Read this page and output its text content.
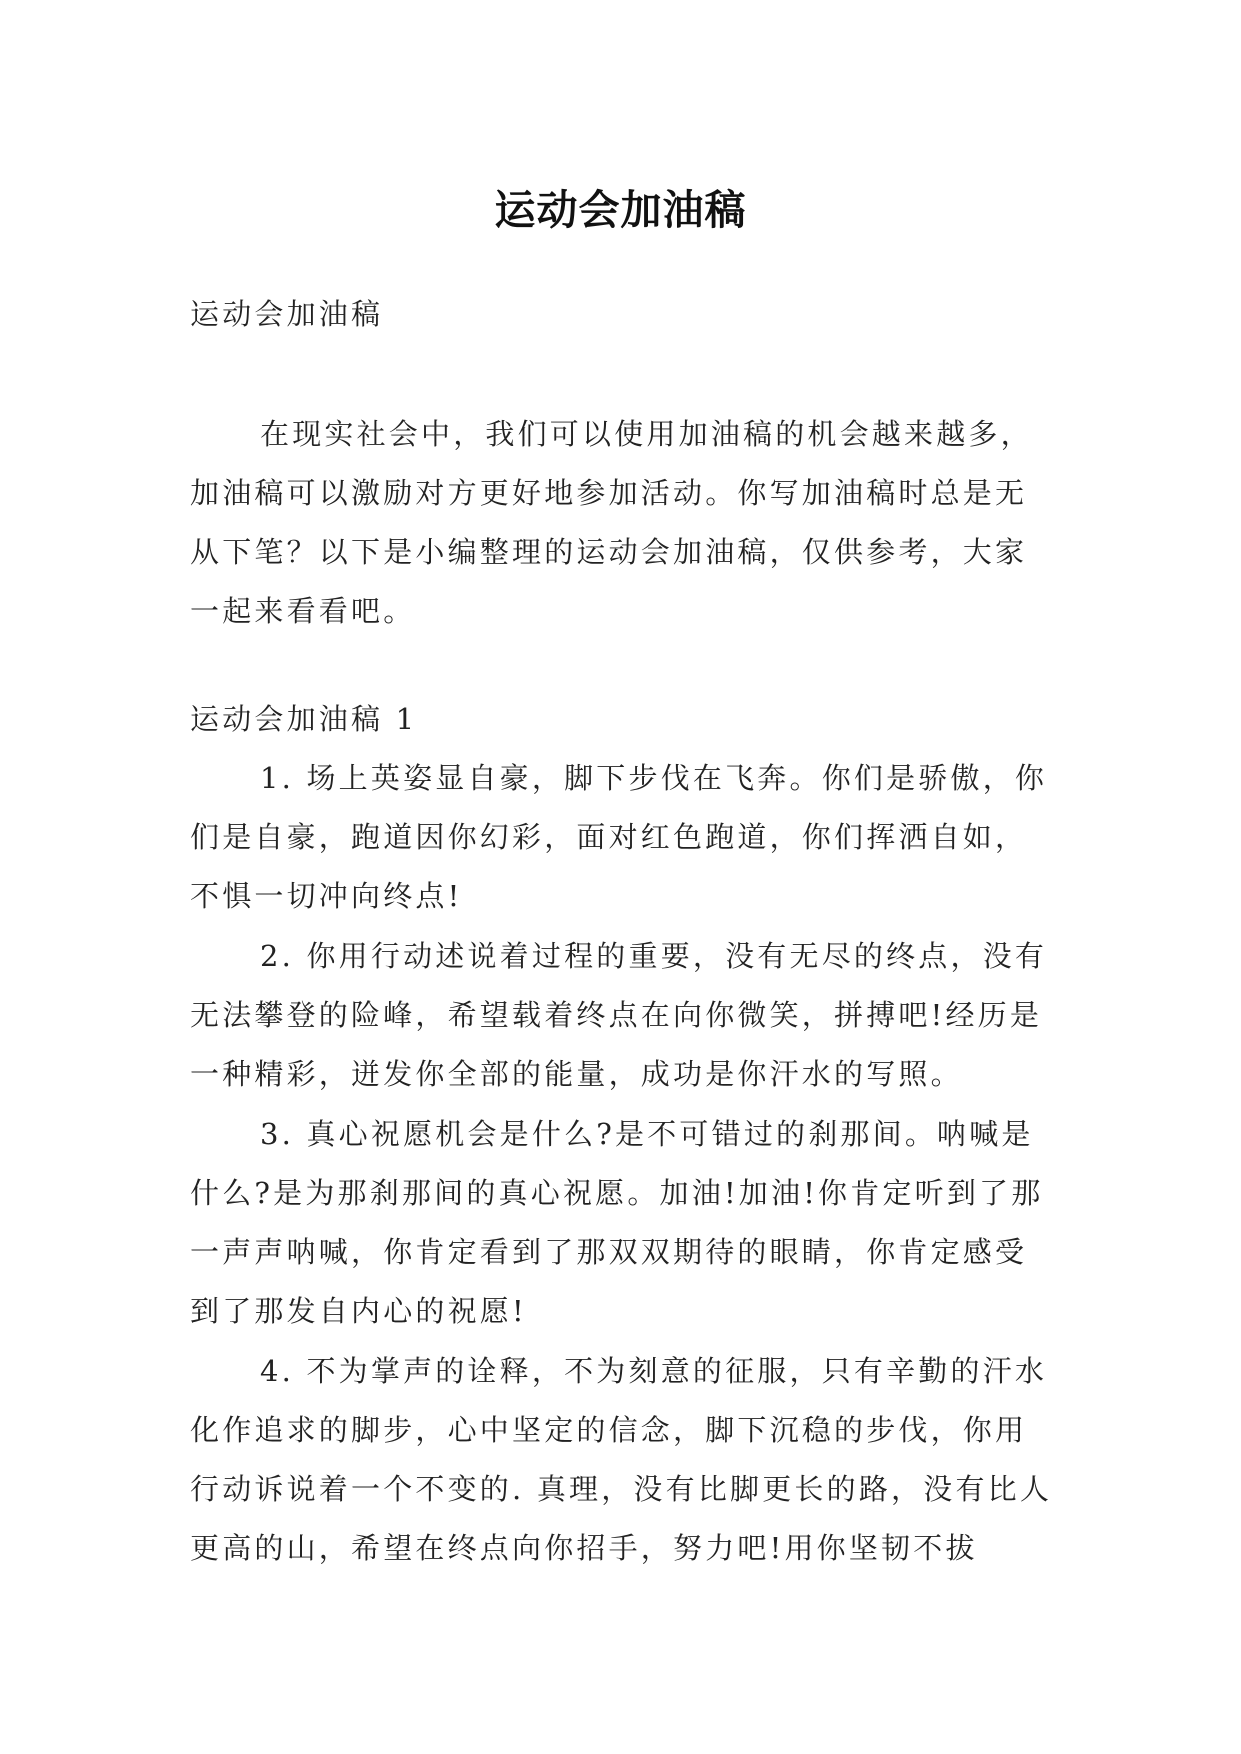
运动会加油稿

运动会加油稿

在现实社会中，我们可以使用加油稿的机会越来越多，加油稿可以激励对方更好地参加活动。你写加油稿时总是无从下笔？以下是小编整理的运动会加油稿，仅供参考，大家一起来看看吧。

运动会加油稿 1

1. 场上英姿显自豪，脚下步伐在飞奔。你们是骄傲，你们是自豪，跑道因你幻彩，面对红色跑道，你们挥洒自如，不惧一切冲向终点!

2. 你用行动述说着过程的重要，没有无尽的终点，没有无法攀登的险峰，希望载着终点在向你微笑，拼搏吧!经历是一种精彩，迸发你全部的能量，成功是你汗水的写照。

3. 真心祝愿机会是什么?是不可错过的刹那间。呐喊是什么?是为那刹那间的真心祝愿。加油!加油!你肯定听到了那一声声呐喊，你肯定看到了那双双期待的眼睛，你肯定感受到了那发自内心的祝愿!

4. 不为掌声的诠释，不为刻意的征服，只有辛勤的汗水化作追求的脚步，心中坚定的信念，脚下沉稳的步伐，你用行动诉说着一个不变的. 真理，没有比脚更长的路，没有比人更高的山，希望在终点向你招手，努力吧!用你坚韧不拔
